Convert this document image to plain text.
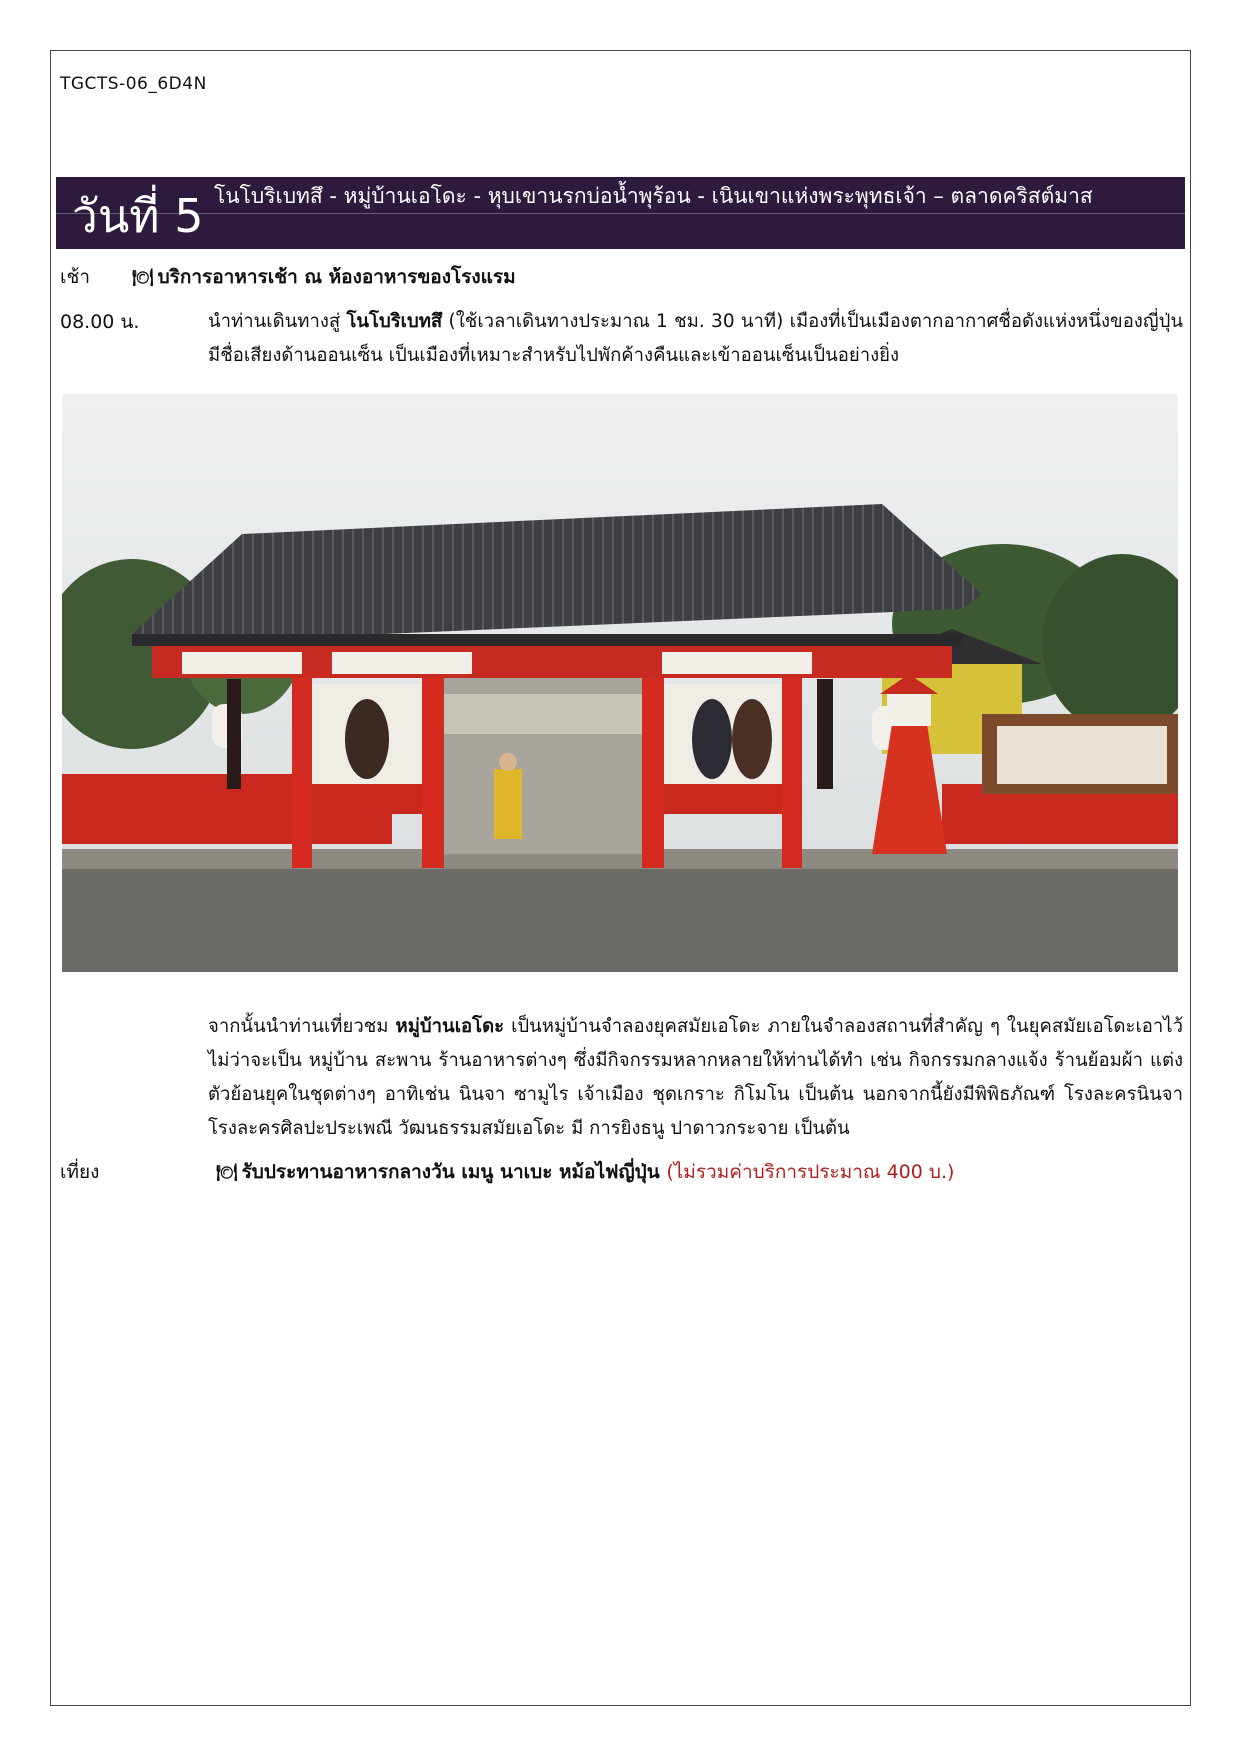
TGCTS-06_6D4N
วันที่ 5 โนโบริเบทสึ - หมู่บ้านเอโดะ - หุบเขานรกบ่อน้ำพุร้อน - เนินเขาแห่งพระพุทธเจ้า – ตลาดคริสต์มาส
เช้า 🍽 บริการอาหารเช้า ณ ห้องอาหารของโรงแรม
08.00 น.	นำท่านเดินทางสู่ โนโบริเบทสึ (ใช้เวลาเดินทางประมาณ 1 ชม. 30 นาที) เมืองที่เป็นเมืองตากอากาศชื่อดังแห่งหนึ่งของญี่ปุ่น มีชื่อเสียงด้านออนเซ็น เป็นเมืองที่เหมาะสำหรับไปพักค้างคืนและเข้าออนเซ็นเป็นอย่างยิ่ง
จากนั้นนำท่านเที่ยวชม หมู่บ้านเอโดะ เป็นหมู่บ้านจำลองยุคสมัยเอโดะ ภายในจำลองสถานที่สำคัญ ๆ ในยุคสมัยเอโดะเอาไว้ ไม่ว่าจะเป็น หมู่บ้าน สะพาน ร้านอาหารต่างๆ ซึ่งมีกิจกรรมหลากหลายให้ท่านได้ทำ เช่น กิจกรรมกลางแจ้ง ร้านย้อมผ้า แต่งตัวย้อนยุคในชุดต่างๆ อาทิเช่น นินจา ซามูไร เจ้าเมือง ชุดเกราะ กิโมโน เป็นต้น นอกจากนี้ยังมีพิพิธภัณฑ์ โรงละครนินจา โรงละครศิลปะประเพณี วัฒนธรรมสมัยเอโดะ มี การยิงธนู ปาดาวกระจาย เป็นต้น
เที่ยง	🍽 รับประทานอาหารกลางวัน เมนู นาเบะ หม้อไฟญี่ปุ่น (ไม่รวมค่าบริการประมาณ 400 บ.)
